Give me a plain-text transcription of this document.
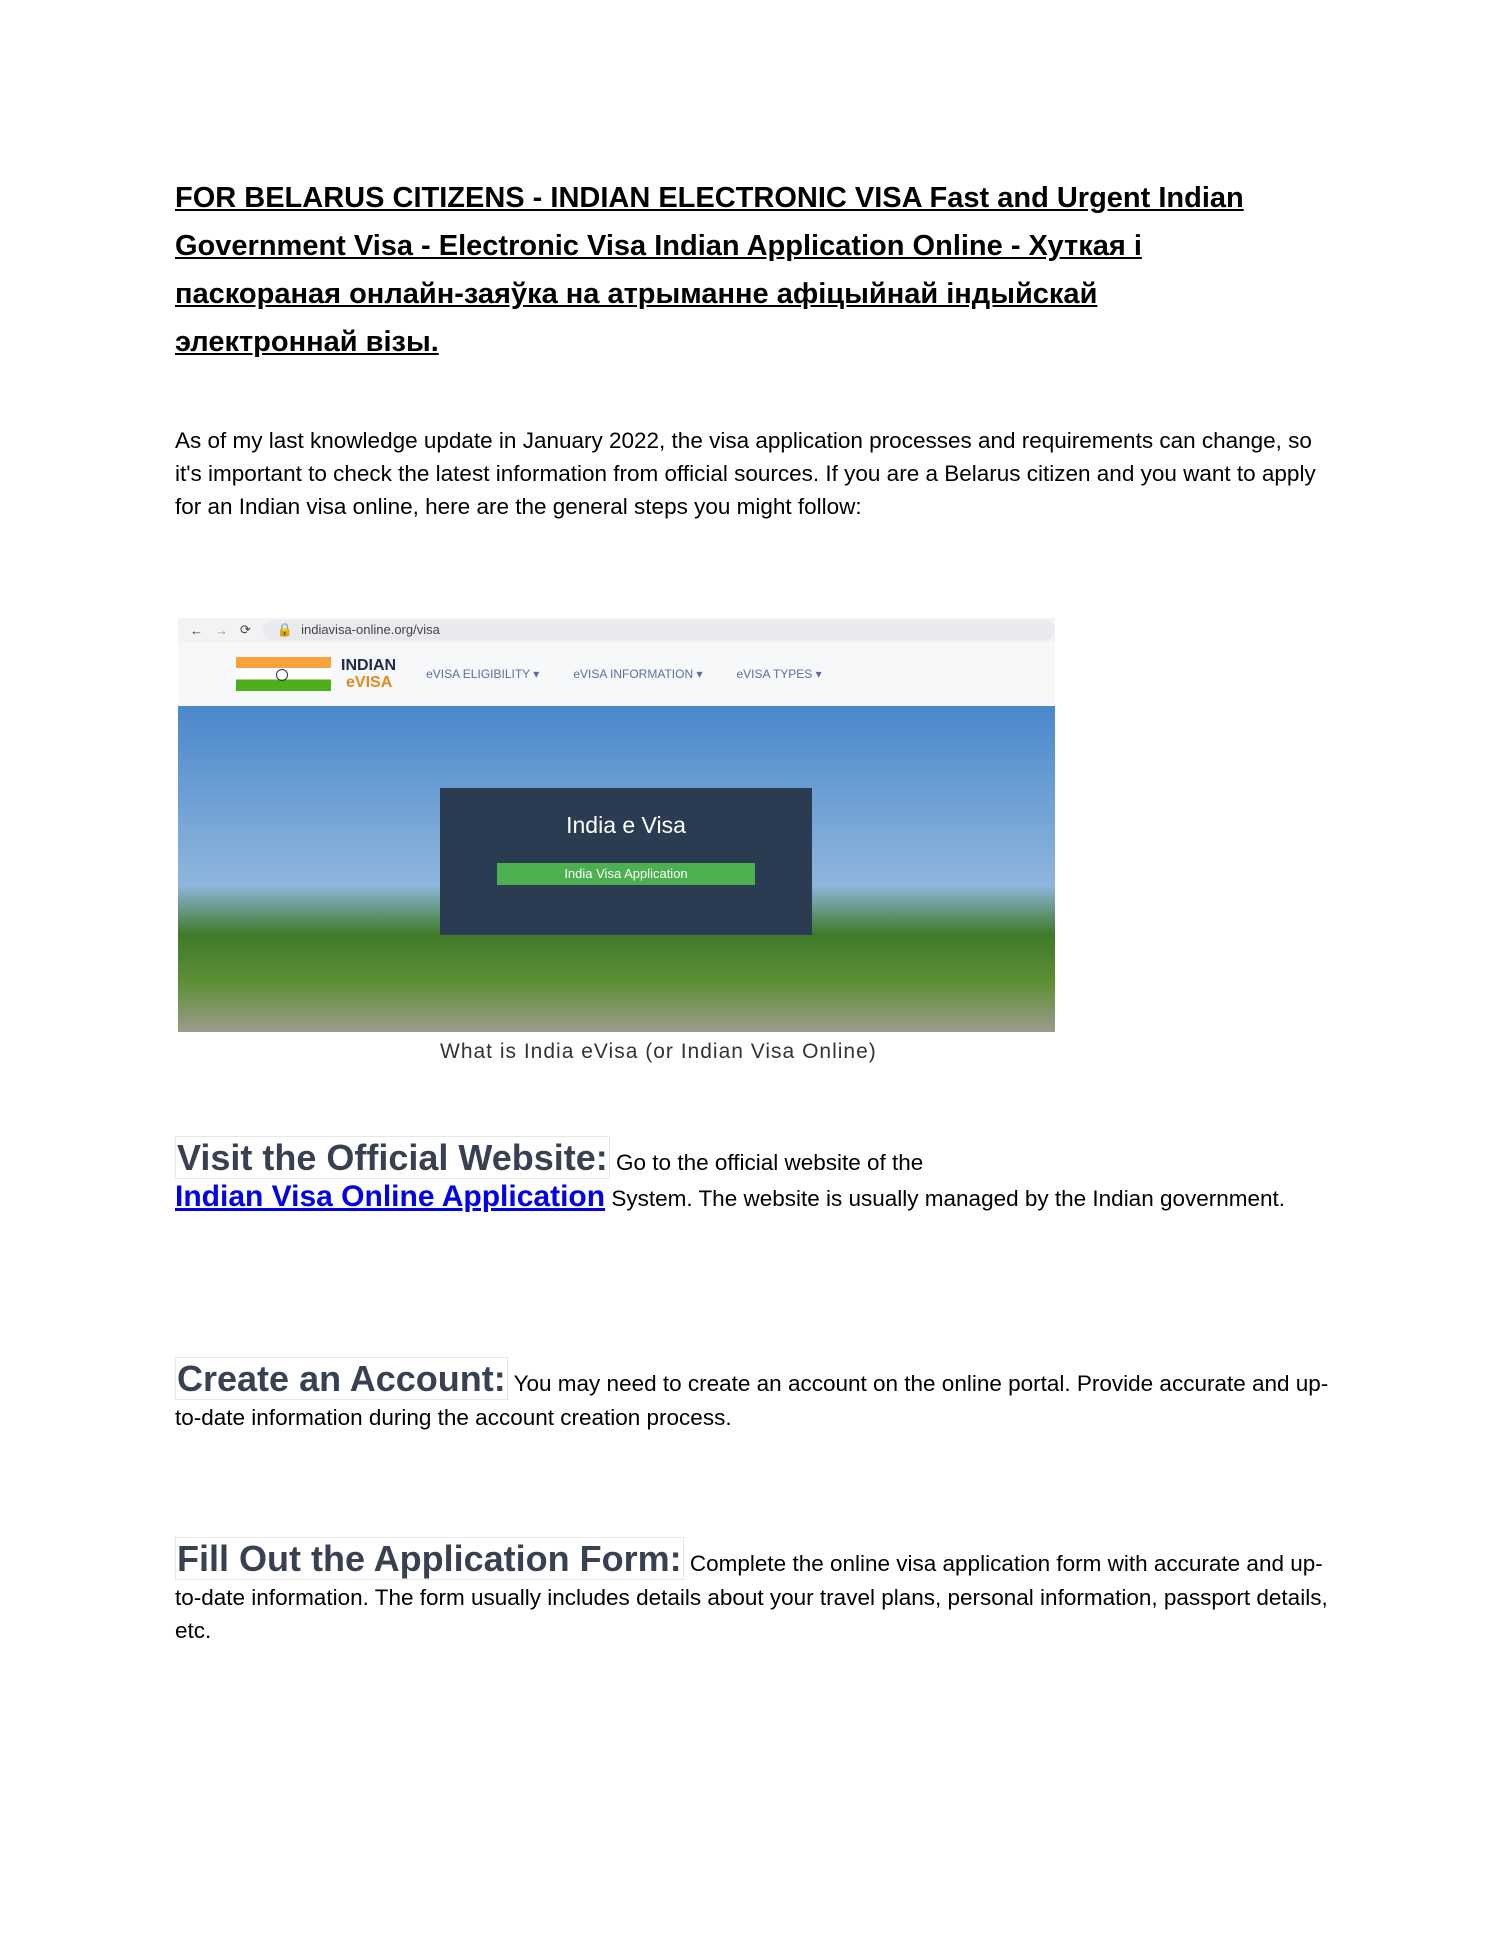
FOR BELARUS CITIZENS - INDIAN ELECTRONIC VISA Fast and Urgent Indian Government Visa - Electronic Visa Indian Application Online - Хуткая і паскораная онлайн-заяўка на атрыманне афіцыйнай індыйскай электроннай візы.
As of my last knowledge update in January 2022, the visa application processes and requirements can change, so it's important to check the latest information from official sources. If you are a Belarus citizen and you want to apply for an Indian visa online, here are the general steps you might follow:
← → ⟳	🔒 indiavisa-online.org/visa
INDIAN
eVISA	eVISA ELIGIBILITY ▾	eVISA INFORMATION ▾	eVISA TYPES ▾
India e Visa
India Visa Application
What is India eVisa (or Indian Visa Online)
Visit the Official Website: Go to the official website of the
Indian Visa Online Application System. The website is usually managed by the Indian government.
Create an Account: You may need to create an account on the online portal. Provide accurate and up-to-date information during the account creation process.
Fill Out the Application Form: Complete the online visa application form with accurate and up-to-date information. The form usually includes details about your travel plans, personal information, passport details, etc.
